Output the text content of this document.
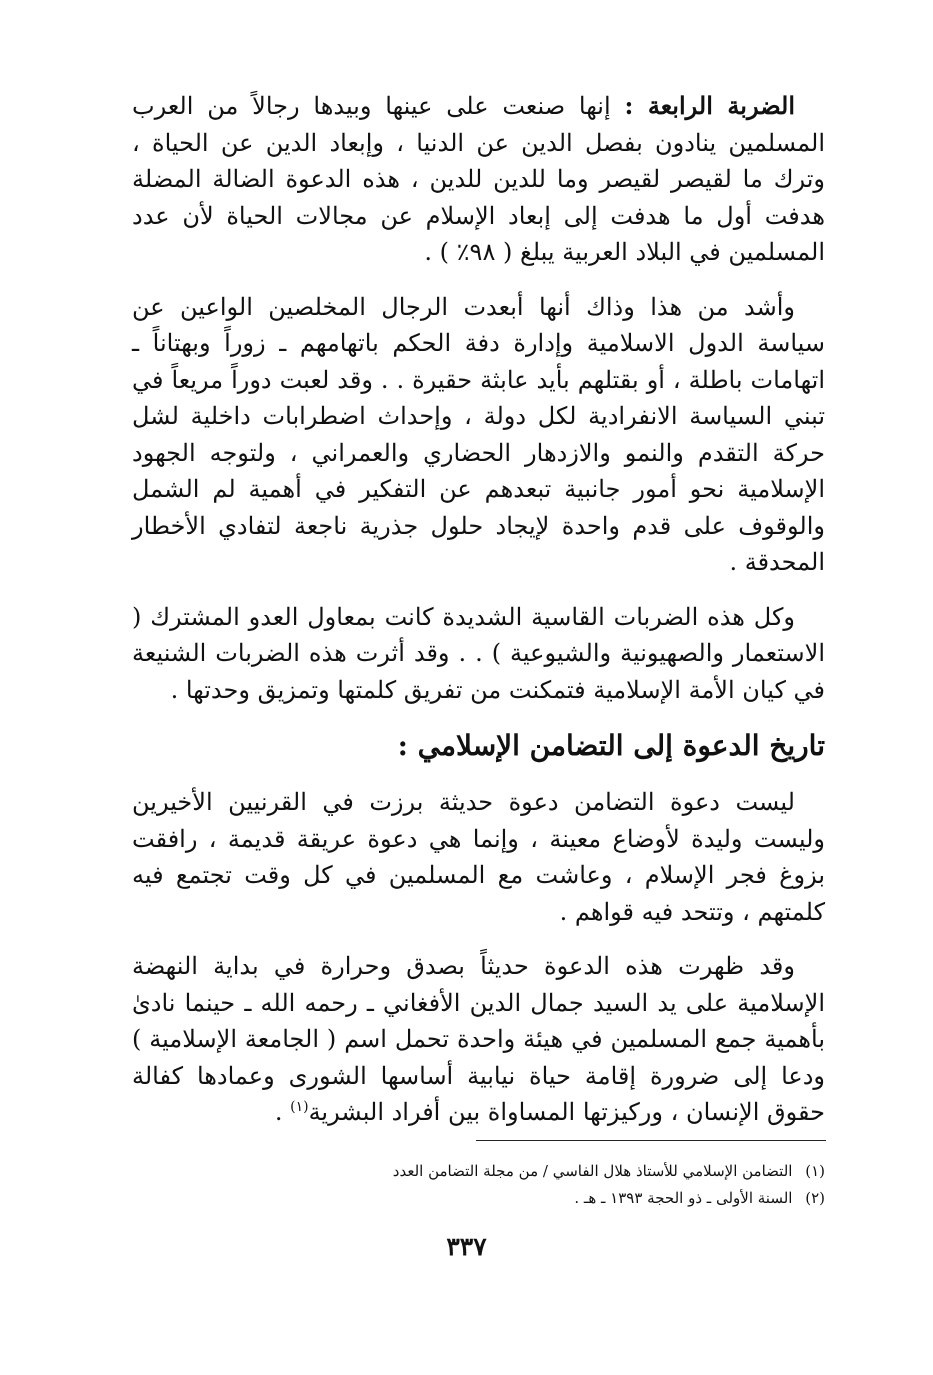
الضربة الرابعة : إنها صنعت على عينها وبيدها رجالاً من العرب المسلمين ينادون بفصل الدين عن الدنيا ، وإبعاد الدين عن الحياة ، وترك ما لقيصر لقيصر وما للدين للدين ، هذه الدعوة الضالة المضلة هدفت أول ما هدفت إلى إبعاد الإسلام عن مجالات الحياة لأن عدد المسلمين في البلاد العربية يبلغ ( ٩٨٪ ) .

وأشد من هذا وذاك أنها أبعدت الرجال المخلصين الواعين عن سياسة الدول الاسلامية وإدارة دفة الحكم باتهامهم ـ زوراً وبهتاناً ـ اتهامات باطلة ، أو بقتلهم بأيد عابثة حقيرة . . وقد لعبت دوراً مريعاً في تبني السياسة الانفرادية لكل دولة ، وإحداث اضطرابات داخلية لشل حركة التقدم والنمو والازدهار الحضاري والعمراني ، ولتوجه الجهود الإسلامية نحو أمور جانبية تبعدهم عن التفكير في أهمية لم الشمل والوقوف على قدم واحدة لإيجاد حلول جذرية ناجعة لتفادي الأخطار المحدقة .

وكل هذه الضربات القاسية الشديدة كانت بمعاول العدو المشترك ( الاستعمار والصهيونية والشيوعية ) . . وقد أثرت هذه الضربات الشنيعة في كيان الأمة الإسلامية فتمكنت من تفريق كلمتها وتمزيق وحدتها .

تاريخ الدعوة إلى التضامن الإسلامي :

ليست دعوة التضامن دعوة حديثة برزت في القرنيين الأخيرين وليست وليدة لأوضاع معينة ، وإنما هي دعوة عريقة قديمة ، رافقت بزوغ فجر الإسلام ، وعاشت مع المسلمين في كل وقت تجتمع فيه كلمتهم ، وتتحد فيه قواهم .

وقد ظهرت هذه الدعوة حديثاً بصدق وحرارة في بداية النهضة الإسلامية على يد السيد جمال الدين الأفغاني ـ رحمه الله ـ حينما نادىٰ بأهمية جمع المسلمين في هيئة واحدة تحمل اسم ( الجامعة الإسلامية ) ودعا إلى ضرورة إقامة حياة نيابية أساسها الشورى وعمادها كفالة حقوق الإنسان ، وركيزتها المساواة بين أفراد البشرية$^{(١)}$ .

(١) التضامن الإسلامي للأستاذ هلال الفاسي / من مجلة التضامن العدد

(٢) السنة الأولى ـ ذو الحجة ١٣٩٣ ـ هـ .

٣٣٧
